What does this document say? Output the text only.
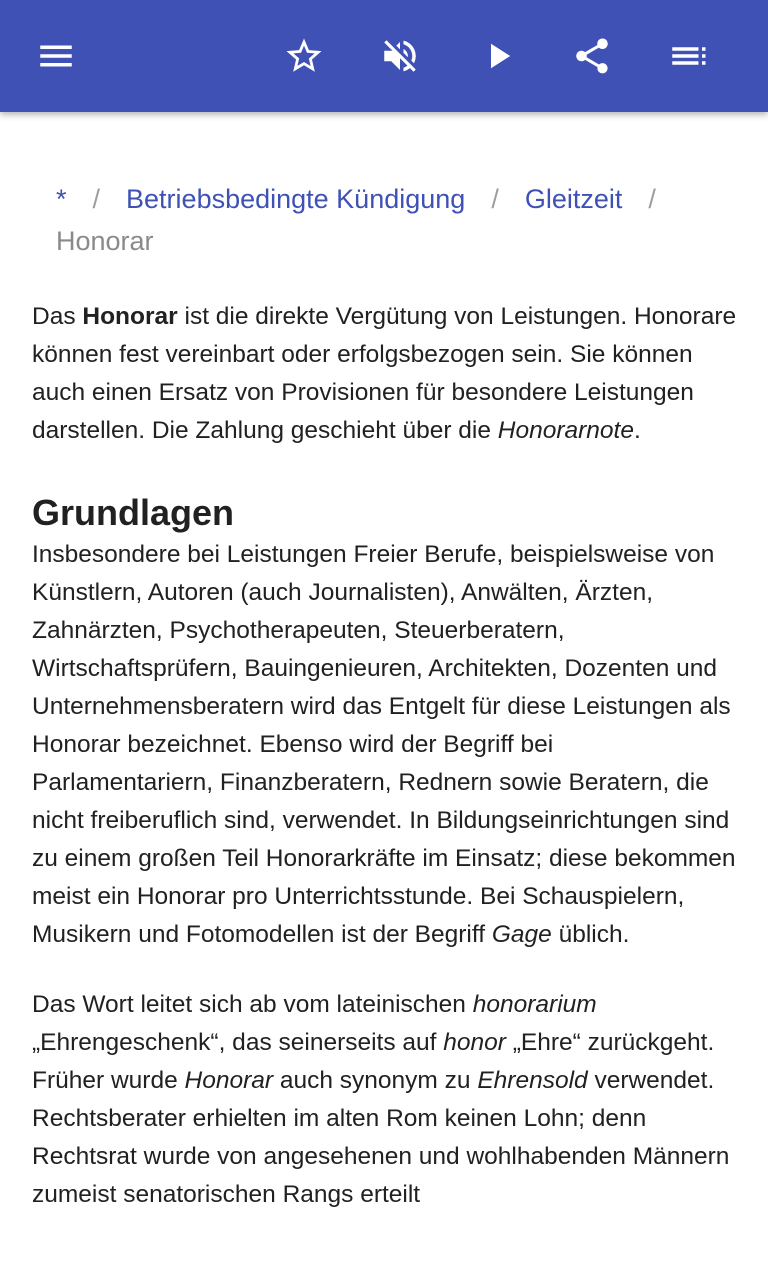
* / Betriebsbedingte Kündigung / Gleitzeit /
Honorar

Das Honorar ist die direkte Vergütung von Leistungen. Honorare können fest vereinbart oder erfolgsbezogen sein. Sie können auch einen Ersatz von Provisionen für besondere Leistungen darstellen. Die Zahlung geschieht über die Honorarnote.

Grundlagen

Insbesondere bei Leistungen Freier Berufe, beispielsweise von Künstlern, Autoren (auch Journalisten), Anwälten, Ärzten, Zahnärzten, Psychotherapeuten, Steuerberatern, Wirtschaftsprüfern, Bauingenieuren, Architekten, Dozenten und Unternehmensberatern wird das Entgelt für diese Leistungen als Honorar bezeichnet. Ebenso wird der Begriff bei Parlamentariern, Finanzberatern, Rednern sowie Beratern, die nicht freiberuflich sind, verwendet. In Bildungseinrichtungen sind zu einem großen Teil Honorarkräfte im Einsatz; diese bekommen meist ein Honorar pro Unterrichtsstunde. Bei Schauspielern, Musikern und Fotomodellen ist der Begriff Gage üblich.

Das Wort leitet sich ab vom lateinischen honorarium „Ehrengeschenk“, das seinerseits auf honor „Ehre“ zurückgeht. Früher wurde Honorar auch synonym zu Ehrensold verwendet. Rechtsberater erhielten im alten Rom keinen Lohn; denn Rechtsrat wurde von angesehenen und wohlhabenden Männern zumeist senatorischen Rangs erteilt
